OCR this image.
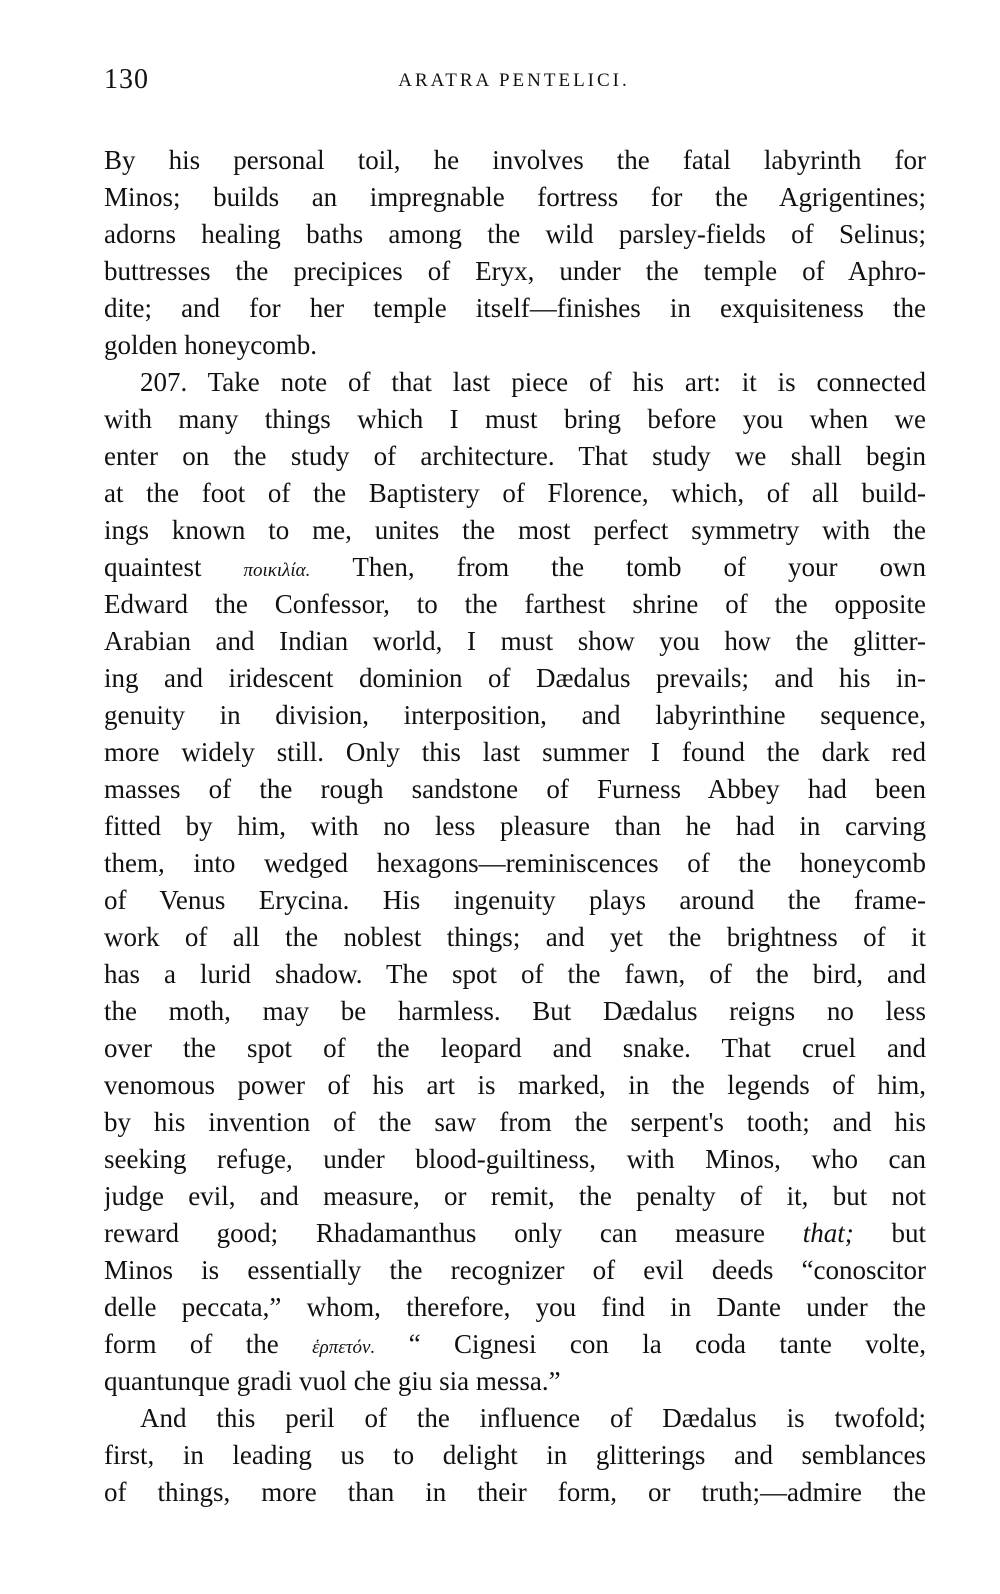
130	ARATRA PENTELICI.
By his personal toil, he involves the fatal labyrinth for
Minos; builds an impregnable fortress for the Agrigentines;
adorns healing baths among the wild parsley-fields of Selinus;
buttresses the precipices of Eryx, under the temple of Aphro-
dite; and for her temple itself—finishes in exquisiteness the
golden honeycomb.
207. Take note of that last piece of his art: it is connected
with many things which I must bring before you when we
enter on the study of architecture. That study we shall begin
at the foot of the Baptistery of Florence, which, of all build-
ings known to me, unites the most perfect symmetry with the
quaintest ποικιλία. Then, from the tomb of your own
Edward the Confessor, to the farthest shrine of the opposite
Arabian and Indian world, I must show you how the glitter-
ing and iridescent dominion of Dædalus prevails; and his in-
genuity in division, interposition, and labyrinthine sequence,
more widely still. Only this last summer I found the dark red
masses of the rough sandstone of Furness Abbey had been
fitted by him, with no less pleasure than he had in carving
them, into wedged hexagons—reminiscences of the honeycomb
of Venus Erycina. His ingenuity plays around the frame-
work of all the noblest things; and yet the brightness of it
has a lurid shadow. The spot of the fawn, of the bird, and
the moth, may be harmless. But Dædalus reigns no less
over the spot of the leopard and snake. That cruel and
venomous power of his art is marked, in the legends of him,
by his invention of the saw from the serpent's tooth; and his
seeking refuge, under blood-guiltiness, with Minos, who can
judge evil, and measure, or remit, the penalty of it, but not
reward good; Rhadamanthus only can measure that; but
Minos is essentially the recognizer of evil deeds “conoscitor
delle peccata,” whom, therefore, you find in Dante under the
form of the ἑρπετόν. “ Cignesi con la coda tante volte,
quantunque gradi vuol che giu sia messa.”
And this peril of the influence of Dædalus is twofold;
first, in leading us to delight in glitterings and semblances
of things, more than in their form, or truth;—admire the
